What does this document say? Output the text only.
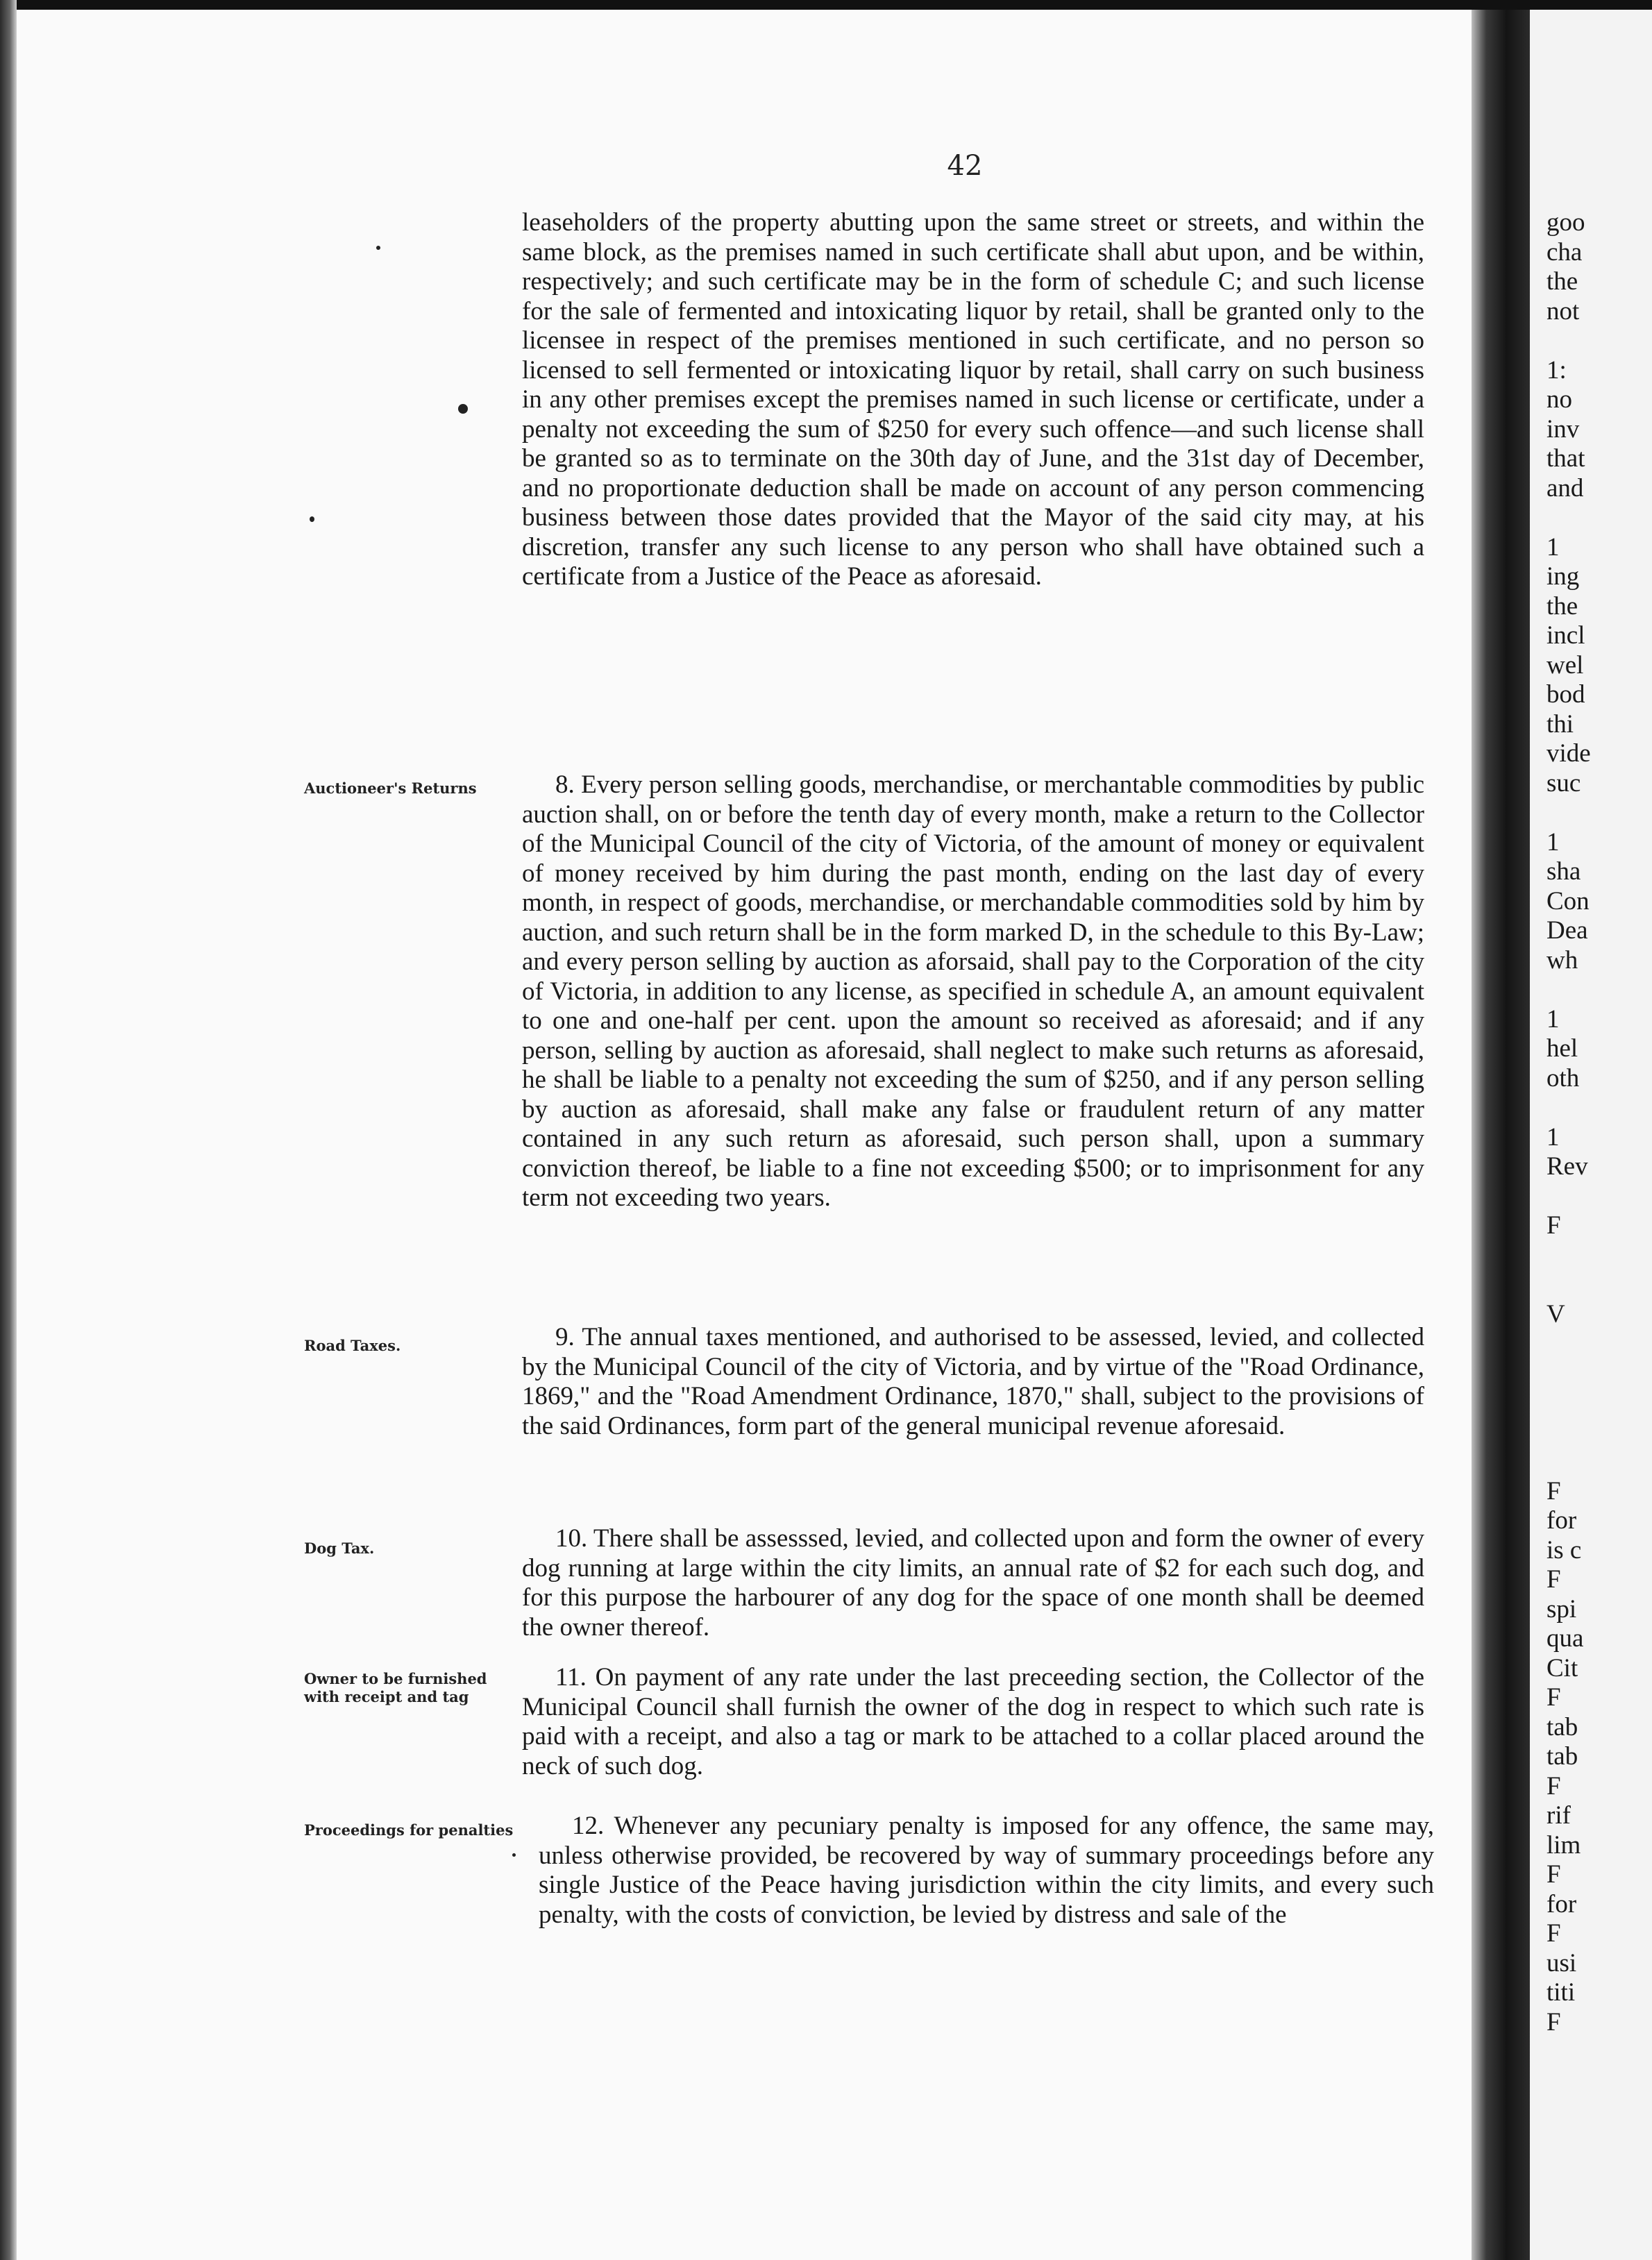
42

leaseholders of the property abutting upon the same street or streets, and within the same block, as the premises named in such certificate shall abut upon, and be within, respectively; and such certificate may be in the form of schedule C; and such license for the sale of fermented and intoxicating liquor by retail, shall be granted only to the licensee in respect of the premises mentioned in such certificate, and no person so licensed to sell fermented or intoxicating liquor by retail, shall carry on such business in any other premises except the premises named in such license or certificate, under a penalty not exceeding the sum of $250 for every such offence—and such license shall be granted so as to terminate on the 30th day of June, and the 31st day of December, and no proportionate deduction shall be made on account of any person commencing business between those dates provided that the Mayor of the said city may, at his discretion, transfer any such license to any person who shall have obtained such a certificate from a Justice of the Peace as aforesaid.

Auctioneer's Returns	8. Every person selling goods, merchandise, or merchantable commodities by public auction shall, on or before the tenth day of every month, make a return to the Collector of the Municipal Council of the city of Victoria, of the amount of money or equivalent of money received by him during the past month, ending on the last day of every month, in respect of goods, merchandise, or merchandable commodities sold by him by auction, and such return shall be in the form marked D, in the schedule to this By-Law; and every person selling by auction as aforsaid, shall pay to the Corporation of the city of Victoria, in addition to any license, as specified in schedule A, an amount equivalent to one and one-half per cent. upon the amount so received as aforesaid; and if any person, selling by auction as aforesaid, shall neglect to make such returns as aforesaid, he shall be liable to a penalty not exceeding the sum of $250, and if any person selling by auction as aforesaid, shall make any false or fraudulent return of any matter contained in any such return as aforesaid, such person shall, upon a summary conviction thereof, be liable to a fine not exceeding $500; or to imprisonment for any term not exceeding two years.

Road Taxes.	9. The annual taxes mentioned, and authorised to be assessed, levied, and collected by the Municipal Council of the city of Victoria, and by virtue of the "Road Ordinance, 1869," and the "Road Amendment Ordinance, 1870," shall, subject to the provisions of the said Ordinances, form part of the general municipal revenue aforesaid.

Dog Tax.	10. There shall be assesssed, levied, and collected upon and form the owner of every dog running at large within the city limits, an annual rate of $2 for each such dog, and for this purpose the harbourer of any dog for the space of one month shall be deemed the owner thereof.

Owner to be furnished with receipt and tag

11. On payment of any rate under the last preceeding section, the Collector of the Municipal Council shall furnish the owner of the dog in respect to which such rate is paid with a receipt, and also a tag or mark to be attached to a collar placed around the neck of such dog.

Proceedings for penalties	12. Whenever any pecuniary penalty is imposed for any offence, the same may, unless otherwise provided, be recovered by way of summary proceedings before any single Justice of the Peace having jurisdiction within the city limits, and every such penalty, with the costs of conviction, be levied by distress and sale of the

goo
cha
the
not
1:
no
inv
that
and
1
ing
the
incl
wel
bod
thi
vide
suc
1
sha
Con
Dea
wh
1
hel
oth
1
Rev
F
V
F
for
is c
F
spi
qua
Cit
F
tab
tab
F
rif
lim
F
for
F
usi
titi
F
